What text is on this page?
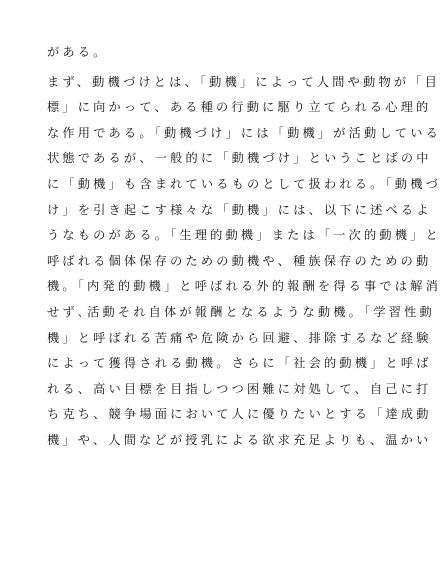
がある。
まず、動機づけとは、「動機」によって人間や動物が「目
標」に向かって、ある種の行動に駆り立てられる心理的
な作用である。「動機づけ」には「動機」が活動している
状態であるが、一般的に「動機づけ」ということばの中
に「動機」も含まれているものとして扱われる。「動機づ
け」を引き起こす様々な「動機」には、以下に述べるよ
うなものがある。「生理的動機」または「一次的動機」と
呼ばれる個体保存のための動機や、種族保存のための動
機。「内発的動機」と呼ばれる外的報酬を得る事では解消
せず､活動それ自体が報酬となるような動機。「学習性動
機」と呼ばれる苦痛や危険から回避、排除するなど経験
によって獲得される動機。さらに「社会的動機」と呼ば
れる、高い目標を目指しつつ困難に対処して、自己に打
ち克ち、競争場面において人に優りたいとする「達成動
機」や、人間などが授乳による欲求充足よりも、温かい
